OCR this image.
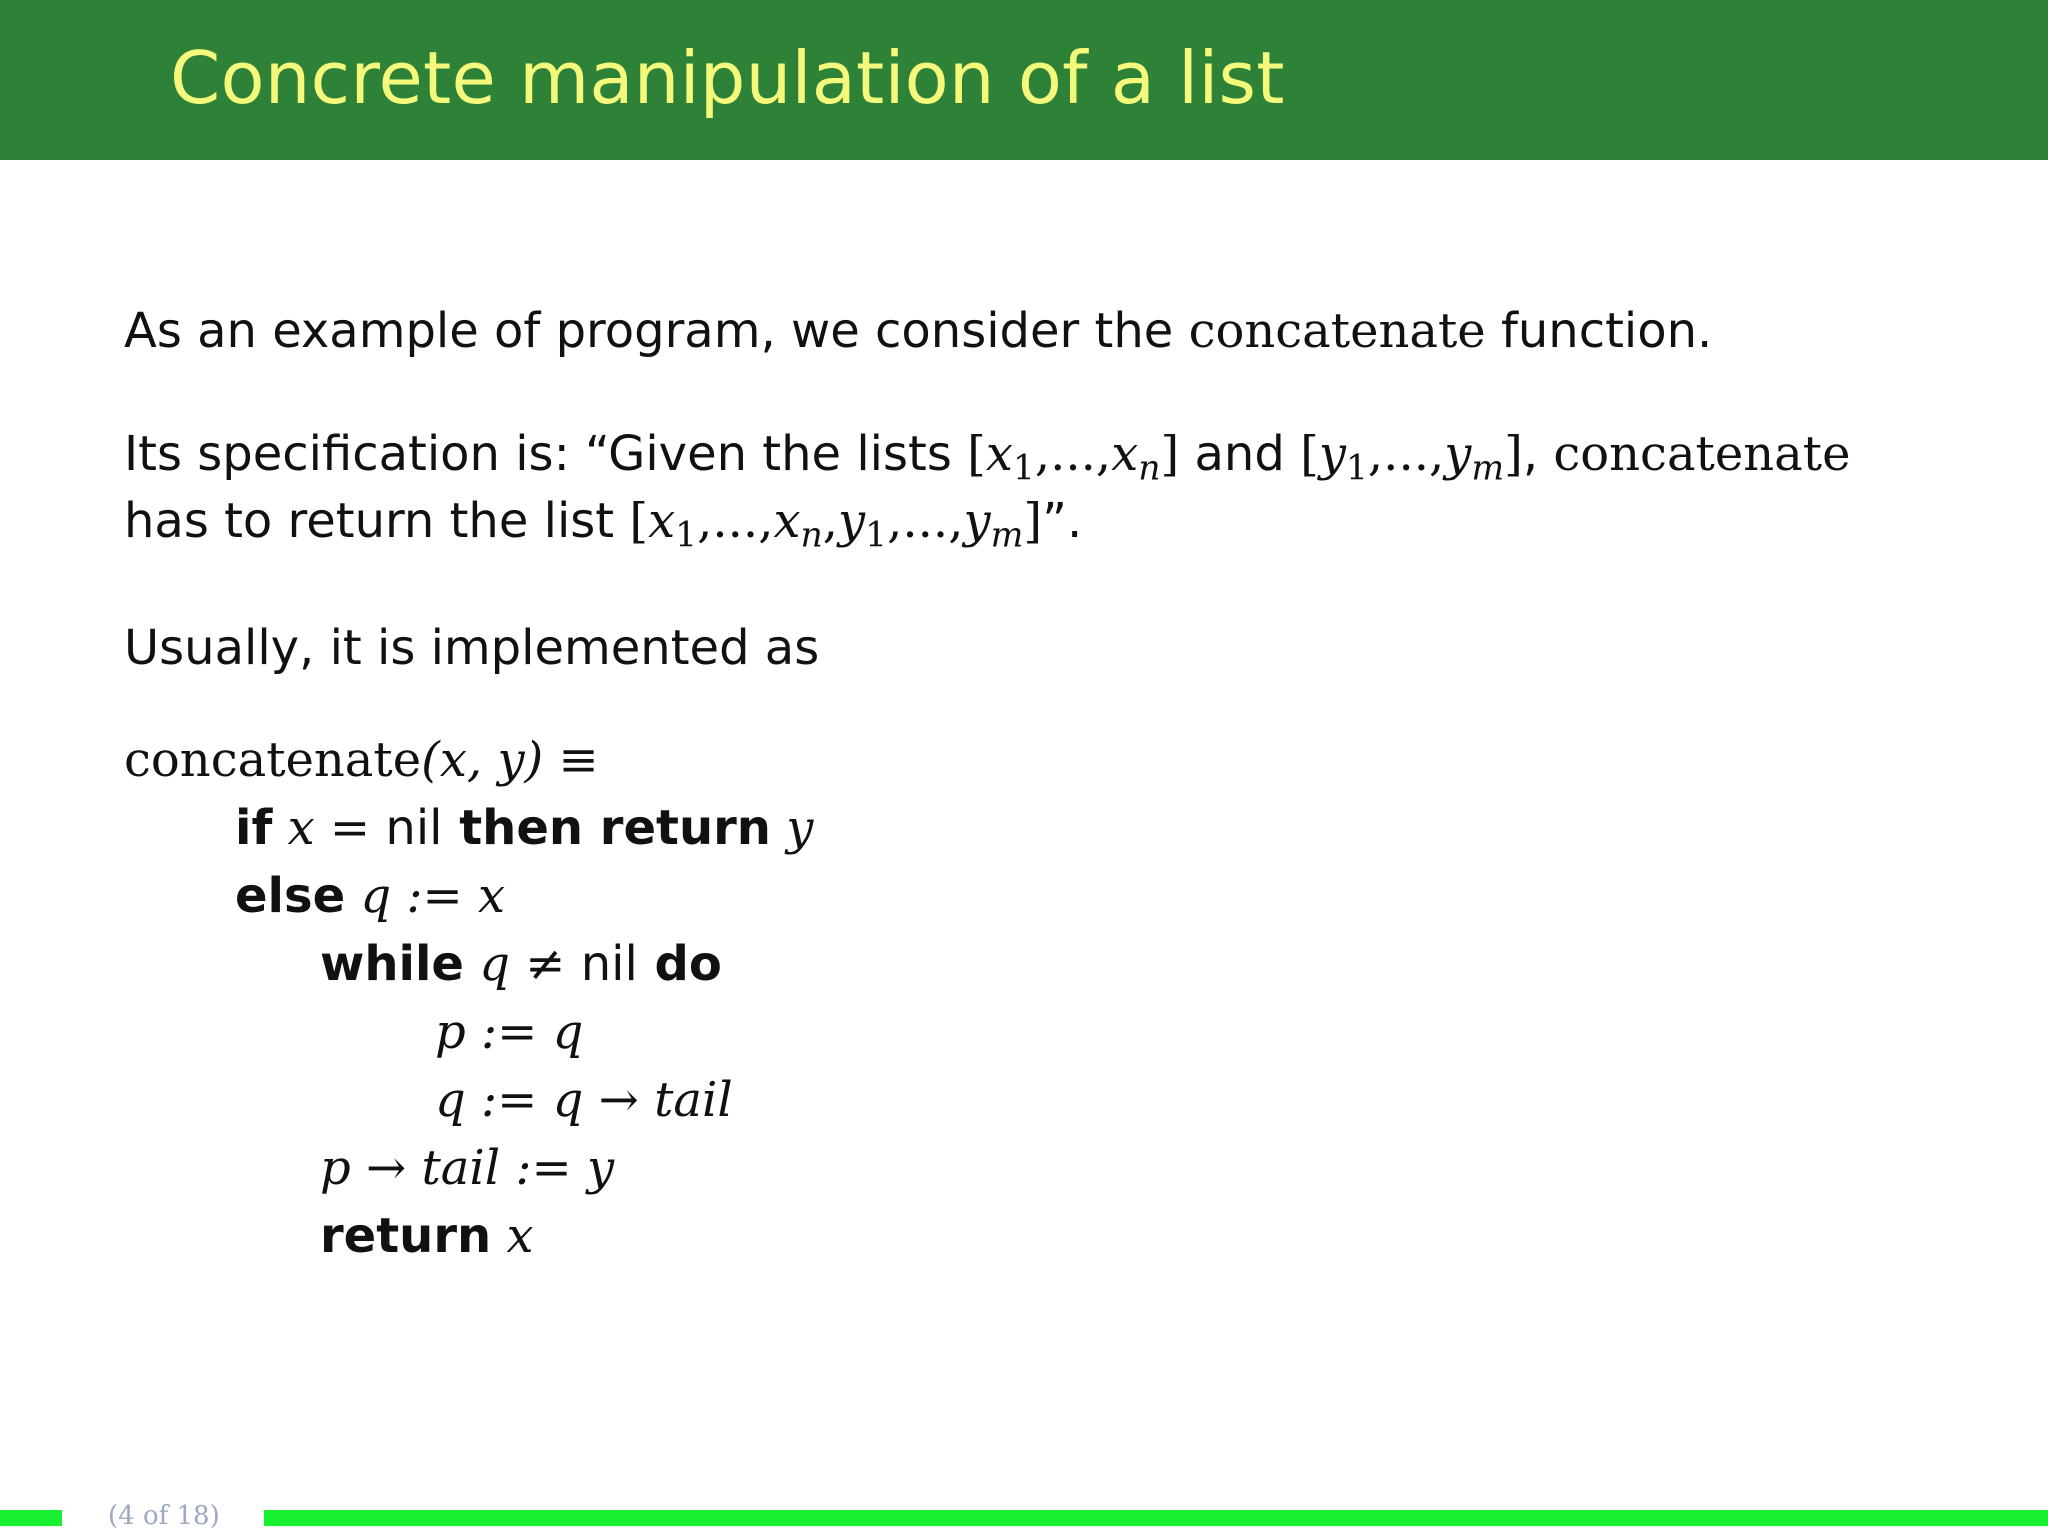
Concrete manipulation of a list
As an example of program, we consider the concatenate function.
Its specification is: “Given the lists $[x_1,...,x_n]$ and $[y_1,...,y_m]$, concatenate
has to return the list $[x_1,...,x_n,y_1,...,y_m]$”.
Usually, it is implemented as
concatenate(x, y) ≡
if x = nil then return y
else q := x
while q ≠ nil do
p := q
q := q → tail
p → tail := y
return x
(4 of 18)
